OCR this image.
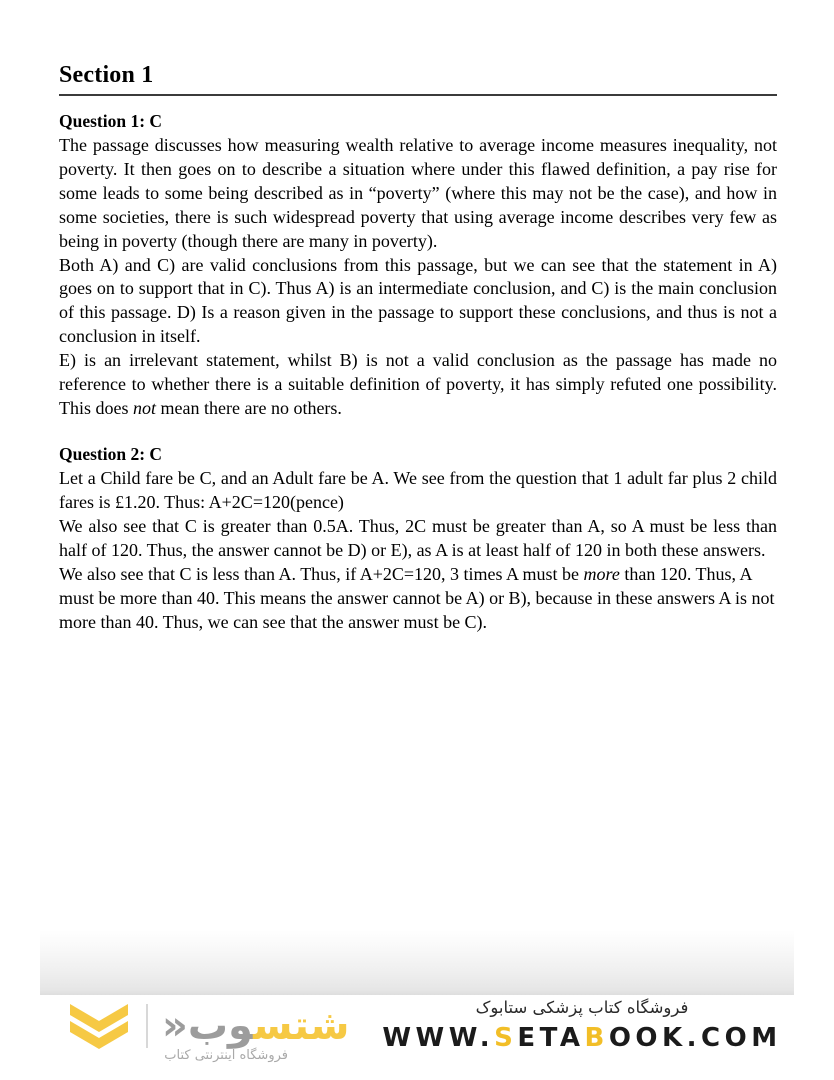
Section 1
Question 1: C

The passage discusses how measuring wealth relative to average income measures inequality, not poverty. It then goes on to describe a situation where under this flawed definition, a pay rise for some leads to some being described as in “poverty” (where this may not be the case), and how in some societies, there is such widespread poverty that using average income describes very few as being in poverty (though there are many in poverty).

Both A) and C) are valid conclusions from this passage, but we can see that the statement in A) goes on to support that in C). Thus A) is an intermediate conclusion, and C) is the main conclusion of this passage. D) Is a reason given in the passage to support these conclusions, and thus is not a conclusion in itself.

E) is an irrelevant statement, whilst B) is not a valid conclusion as the passage has made no reference to whether there is a suitable definition of poverty, it has simply refuted one possibility. This does not mean there are no others.

Question 2: C

Let a Child fare be C, and an Adult fare be A. We see from the question that 1 adult far plus 2 child fares is £1.20. Thus: A+2C=120(pence)

We also see that C is greater than 0.5A. Thus, 2C must be greater than A, so A must be less than half of 120. Thus, the answer cannot be D) or E), as A is at least half of 120 in both these answers.

We also see that C is less than A. Thus, if A+2C=120, 3 times A must be more than 120. Thus, A must be more than 40. This means the answer cannot be A) or B), because in these answers A is not more than 40. Thus, we can see that the answer must be C).

شتسوب«
فروشگاه اینترنتی کتاب
فروشگاه کتاب پزشکی ستابوک
WWW.SETABOOK.COM
